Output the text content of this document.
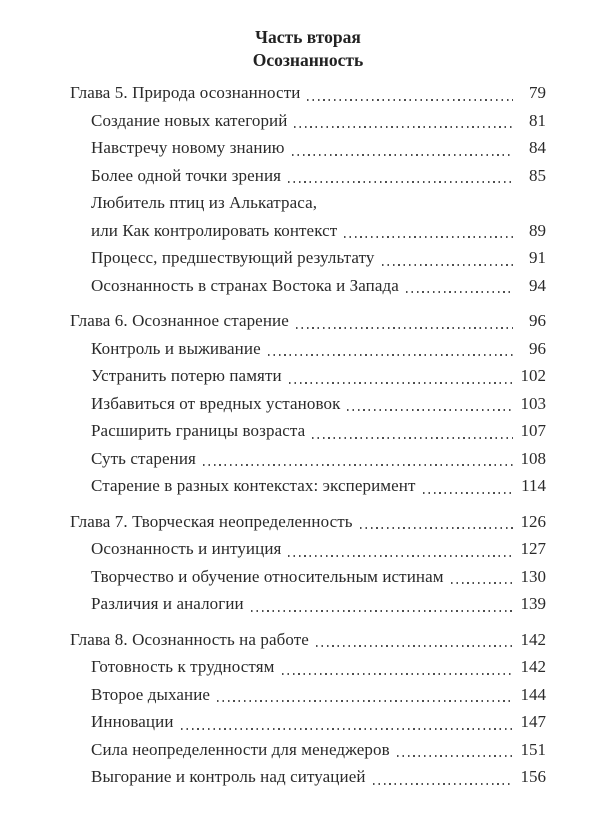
Часть вторая
Осознанность
Глава 5. Природа осознанности	79
Создание новых категорий	81
Навстречу новому знанию	84
Более одной точки зрения	85
Любитель птиц из Алькатраса,
или Как контролировать контекст	89
Процесс, предшествующий результату	91
Осознанность в странах Востока и Запада	94
Глава 6. Осознанное старение	96
Контроль и выживание	96
Устранить потерю памяти	102
Избавиться от вредных установок	103
Расширить границы возраста	107
Суть старения	108
Старение в разных контекстах: эксперимент	114
Глава 7. Творческая неопределенность	126
Осознанность и интуиция	127
Творчество и обучение относительным истинам	130
Различия и аналогии	139
Глава 8. Осознанность на работе	142
Готовность к трудностям	142
Второе дыхание	144
Инновации	147
Сила неопределенности для менеджеров	151
Выгорание и контроль над ситуацией	156
